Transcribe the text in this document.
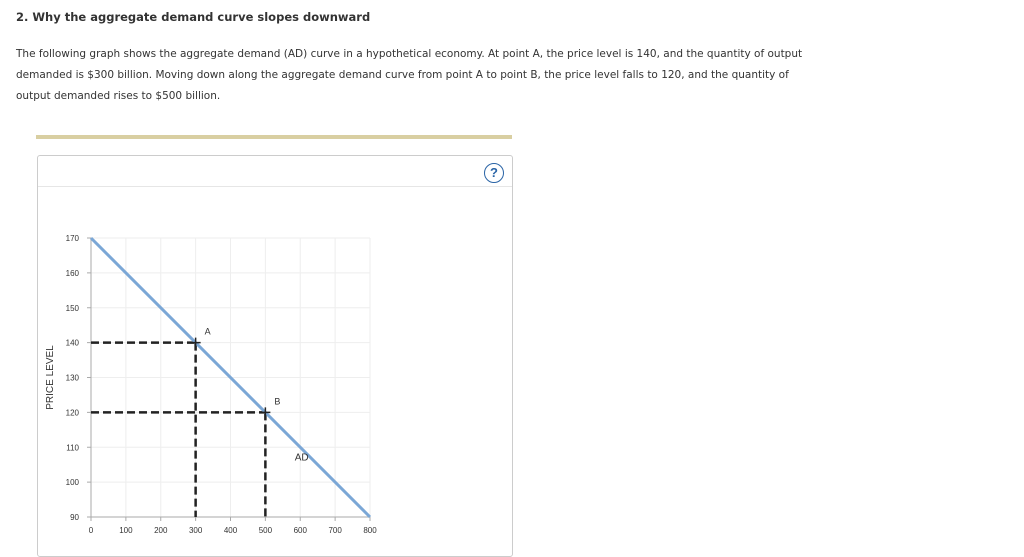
2. Why the aggregate demand curve slopes downward

The following graph shows the aggregate demand (AD) curve in a hypothetical economy. At point A, the price level is 140, and the quantity of output demanded is $300 billion. Moving down along the aggregate demand curve from point A to point B, the price level falls to 120, and the quantity of output demanded rises to $500 billion.

?
90
100
110
120
130
140
150
160
170
0	100	200	300	400	500	600	700	800
AD
A
B
PRICE LEVEL
